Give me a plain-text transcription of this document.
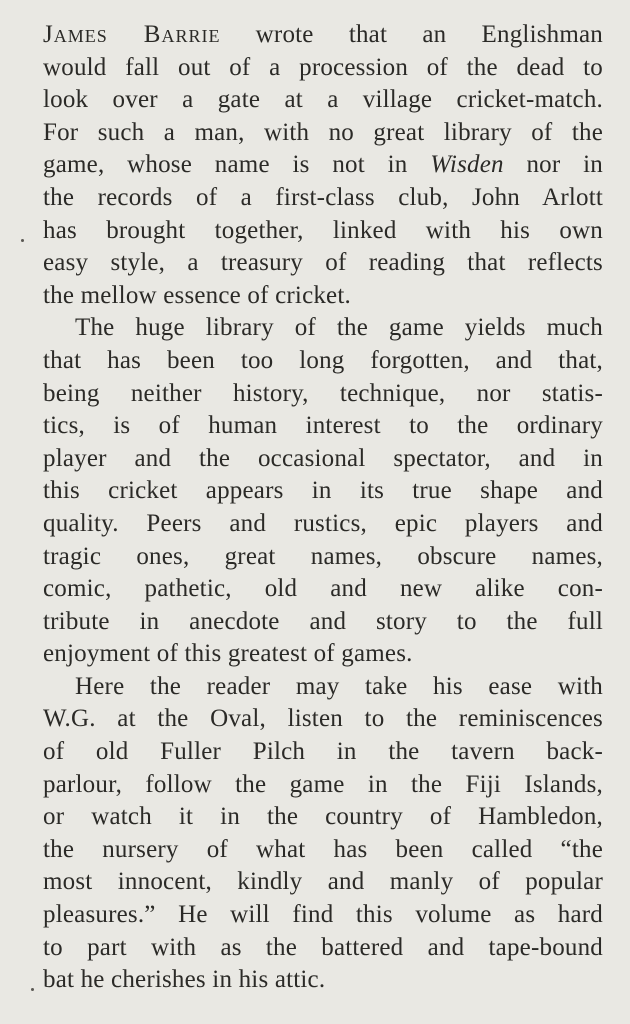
James Barrie wrote that an Englishman
would fall out of a procession of the dead to
look over a gate at a village cricket-match.
For such a man, with no great library of the
game, whose name is not in Wisden nor in
the records of a first-class club, John Arlott
has brought together, linked with his own
easy style, a treasury of reading that reflects
the mellow essence of cricket.
The huge library of the game yields much
that has been too long forgotten, and that,
being neither history, technique, nor statis-
tics, is of human interest to the ordinary
player and the occasional spectator, and in
this cricket appears in its true shape and
quality. Peers and rustics, epic players and
tragic ones, great names, obscure names,
comic, pathetic, old and new alike con-
tribute in anecdote and story to the full
enjoyment of this greatest of games.
Here the reader may take his ease with
W.G. at the Oval, listen to the reminiscences
of old Fuller Pilch in the tavern back-
parlour, follow the game in the Fiji Islands,
or watch it in the country of Hambledon,
the nursery of what has been called “the
most innocent, kindly and manly of popular
pleasures.” He will find this volume as hard
to part with as the battered and tape-bound
bat he cherishes in his attic.
